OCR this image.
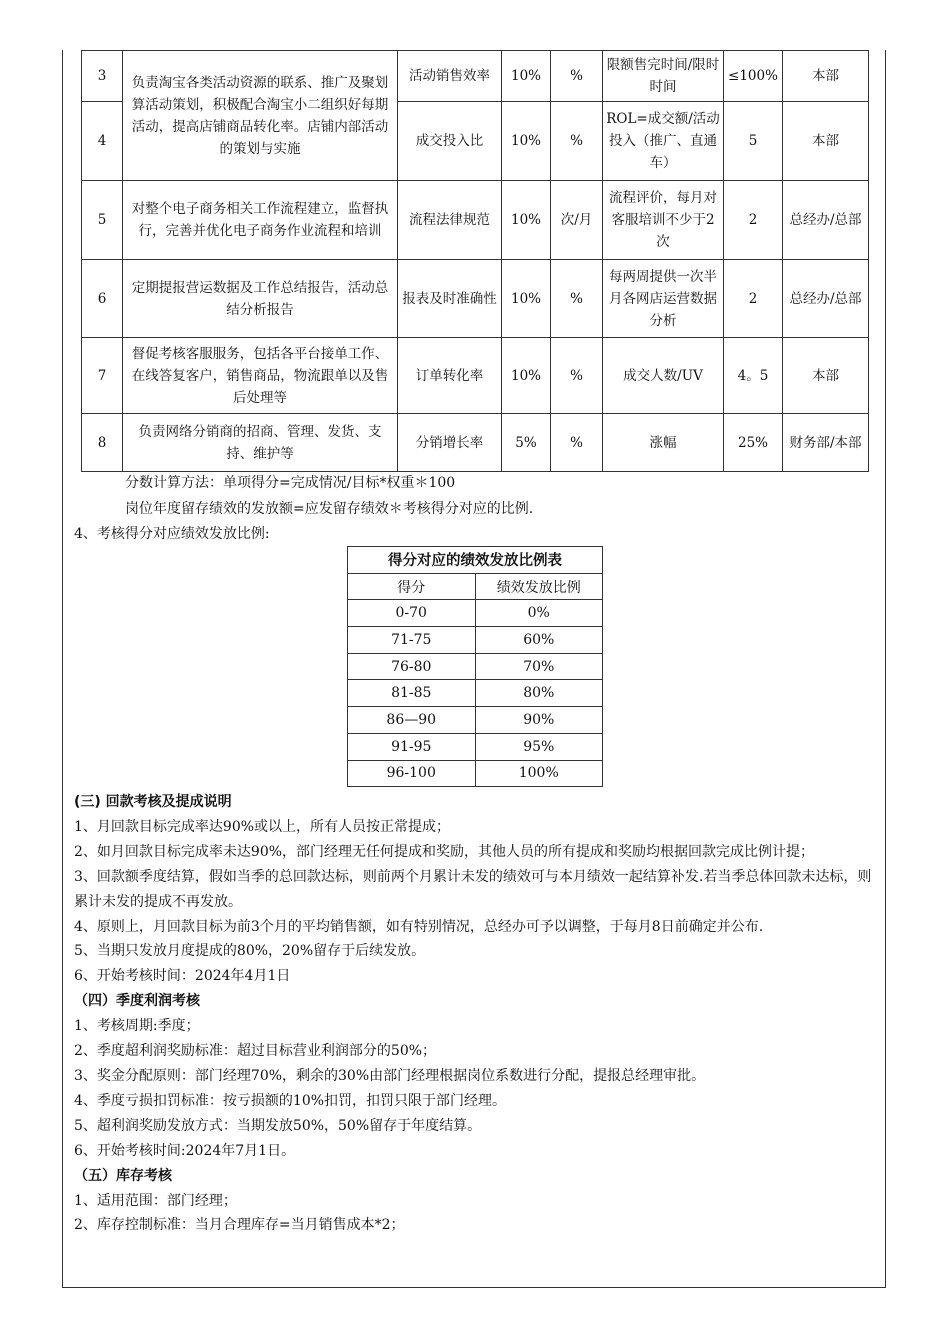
3	负责淘宝各类活动资源的联系、推广及聚划算活动策划，积极配合淘宝小二组织好每期活动，提高店铺商品转化率。店铺内部活动的策划与实施	活动销售效率	10%	%	限额售完时间/限时时间	≤100%	本部
4		成交投入比	10%	%	ROL=成交额/活动投入（推广、直通车）	5	本部
5	对整个电子商务相关工作流程建立，监督执行，完善并优化电子商务作业流程和培训	流程法律规范	10%	次/月	流程评价，每月对客服培训不少于2次	2	总经办/总部
6	定期提报营运数据及工作总结报告，活动总结分析报告	报表及时准确性	10%	%	每两周提供一次半月各网店运营数据分析	2	总经办/总部
7	督促考核客服服务，包括各平台接单工作、在线答复客户，销售商品，物流跟单以及售后处理等	订单转化率	10%	%	成交人数/UV	4。5	本部
8	负责网络分销商的招商、管理、发货、支持、维护等	分销增长率	5%	%	涨幅	25%	财务部/本部
分数计算方法：单项得分=完成情况/目标*权重＊100
岗位年度留存绩效的发放额=应发留存绩效＊考核得分对应的比例.
4、考核得分对应绩效发放比例:
得分对应的绩效发放比例表	
得分	绩效发放比例
0-70	0%
71-75	60%
76-80	70%
81-85	80%
86—90	90%
91-95	95%
96-100	100%

(三) 回款考核及提成说明

1、月回款目标完成率达90%或以上，所有人员按正常提成；

2、如月回款目标完成率未达90%，部门经理无任何提成和奖励，其他人员的所有提成和奖励均根据回款完成比例计提；

3、回款额季度结算，假如当季的总回款达标，则前两个月累计未发的绩效可与本月绩效一起结算补发.若当季总体回款未达标，则累计未发的提成不再发放。

4、原则上，月回款目标为前3个月的平均销售额，如有特别情况，总经办可予以调整，于每月8日前确定并公布.

5、当期只发放月度提成的80%，20%留存于后续发放。

6、开始考核时间：2024年4月1日

（四）季度利润考核

1、考核周期:季度；

2、季度超利润奖励标准：超过目标营业利润部分的50%；

3、奖金分配原则：部门经理70%，剩余的30%由部门经理根据岗位系数进行分配，提报总经理审批。

4、季度亏损扣罚标准：按亏损额的10%扣罚，扣罚只限于部门经理。

5、超利润奖励发放方式：当期发放50%，50%留存于年度结算。

6、开始考核时间:2024年7月1日。

（五）库存考核

1、适用范围：部门经理；

2、库存控制标准：当月合理库存=当月销售成本*2；
